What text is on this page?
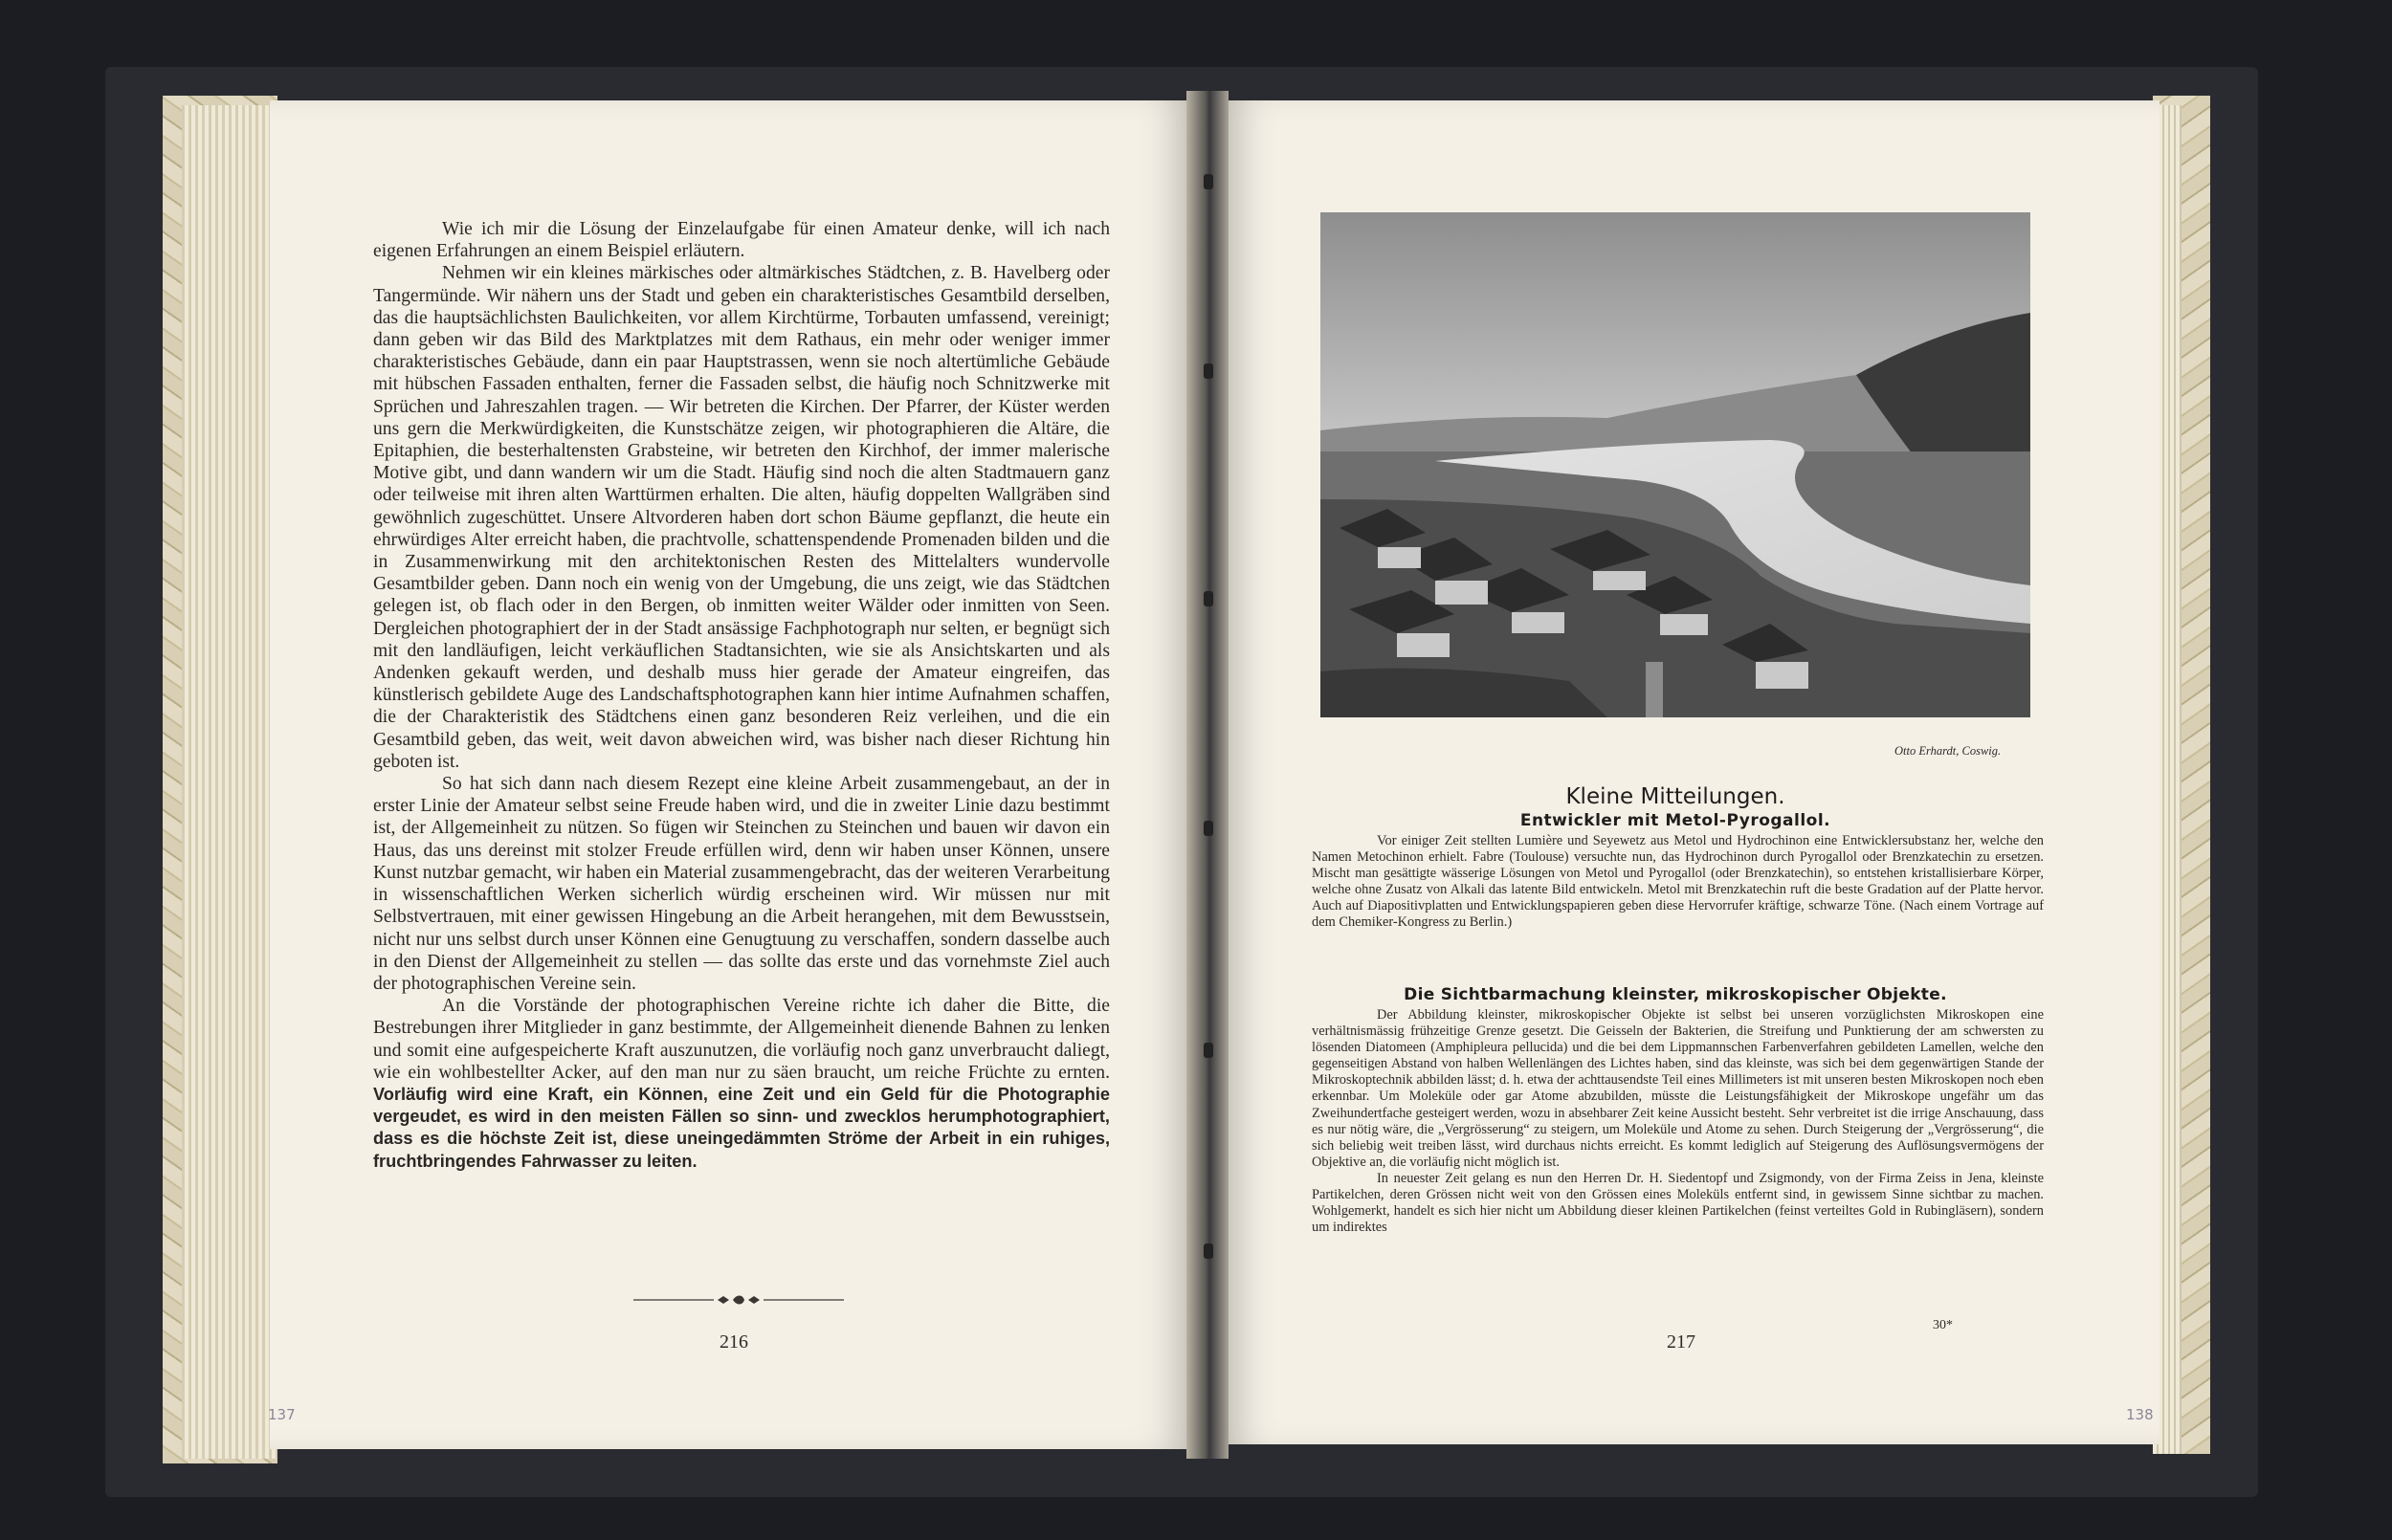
Wie ich mir die Lösung der Einzelaufgabe für einen Amateur denke, will ich nach eigenen Erfahrungen an einem Beispiel erläutern.

Nehmen wir ein kleines märkisches oder altmärkisches Städtchen, z. B. Havelberg oder Tangermünde. Wir nähern uns der Stadt und geben ein charakteristisches Gesamtbild derselben, das die hauptsächlichsten Baulichkeiten, vor allem Kirchtürme, Torbauten umfassend, vereinigt; dann geben wir das Bild des Marktplatzes mit dem Rathaus, ein mehr oder weniger immer charakteristisches Gebäude, dann ein paar Hauptstrassen, wenn sie noch altertümliche Gebäude mit hübschen Fassaden enthalten, ferner die Fassaden selbst, die häufig noch Schnitzwerke mit Sprüchen und Jahreszahlen tragen. — Wir betreten die Kirchen. Der Pfarrer, der Küster werden uns gern die Merkwürdigkeiten, die Kunstschätze zeigen, wir photographieren die Altäre, die Epitaphien, die besterhaltensten Grabsteine, wir betreten den Kirchhof, der immer malerische Motive gibt, und dann wandern wir um die Stadt. Häufig sind noch die alten Stadtmauern ganz oder teilweise mit ihren alten Warttürmen erhalten. Die alten, häufig doppelten Wallgräben sind gewöhnlich zugeschüttet. Unsere Altvorderen haben dort schon Bäume gepflanzt, die heute ein ehrwürdiges Alter erreicht haben, die prachtvolle, schattenspendende Promenaden bilden und die in Zusammenwirkung mit den architektonischen Resten des Mittelalters wundervolle Gesamtbilder geben. Dann noch ein wenig von der Umgebung, die uns zeigt, wie das Städtchen gelegen ist, ob flach oder in den Bergen, ob inmitten weiter Wälder oder inmitten von Seen. Dergleichen photographiert der in der Stadt ansässige Fachphotograph nur selten, er begnügt sich mit den landläufigen, leicht verkäuflichen Stadtansichten, wie sie als Ansichtskarten und als Andenken gekauft werden, und deshalb muss hier gerade der Amateur eingreifen, das künstlerisch gebildete Auge des Landschaftsphotographen kann hier intime Aufnahmen schaffen, die der Charakteristik des Städtchens einen ganz besonderen Reiz verleihen, und die ein Gesamtbild geben, das weit, weit davon abweichen wird, was bisher nach dieser Richtung hin geboten ist.

So hat sich dann nach diesem Rezept eine kleine Arbeit zusammengebaut, an der in erster Linie der Amateur selbst seine Freude haben wird, und die in zweiter Linie dazu bestimmt ist, der Allgemeinheit zu nützen. So fügen wir Steinchen zu Steinchen und bauen wir davon ein Haus, das uns dereinst mit stolzer Freude erfüllen wird, denn wir haben unser Können, unsere Kunst nutzbar gemacht, wir haben ein Material zusammengebracht, das der weiteren Verarbeitung in wissenschaftlichen Werken sicherlich würdig erscheinen wird. Wir müssen nur mit Selbstvertrauen, mit einer gewissen Hingebung an die Arbeit herangehen, mit dem Bewusstsein, nicht nur uns selbst durch unser Können eine Genugtuung zu verschaffen, sondern dasselbe auch in den Dienst der Allgemeinheit zu stellen — das sollte das erste und das vornehmste Ziel auch der photographischen Vereine sein.

An die Vorstände der photographischen Vereine richte ich daher die Bitte, die Bestrebungen ihrer Mitglieder in ganz bestimmte, der Allgemeinheit dienende Bahnen zu lenken und somit eine aufgespeicherte Kraft auszunutzen, die vorläufig noch ganz unverbraucht daliegt, wie ein wohlbestellter Acker, auf den man nur zu säen braucht, um reiche Früchte zu ernten. Vorläufig wird eine Kraft, ein Können, eine Zeit und ein Geld für die Photographie vergeudet, es wird in den meisten Fällen so sinn- und zwecklos herumphotographiert, dass es die höchste Zeit ist, diese uneingedämmten Ströme der Arbeit in ein ruhiges, fruchtbringendes Fahrwasser zu leiten.

216
137
Otto Erhardt, Coswig.
Kleine Mitteilungen.
Entwickler mit Metol-Pyrogallol.

Vor einiger Zeit stellten Lumière und Seyewetz aus Metol und Hydrochinon eine Entwicklersubstanz her, welche den Namen Metochinon erhielt. Fabre (Toulouse) versuchte nun, das Hydrochinon durch Pyrogallol oder Brenzkatechin zu ersetzen. Mischt man gesättigte wässerige Lösungen von Metol und Pyrogallol (oder Brenzkatechin), so entstehen kristallisierbare Körper, welche ohne Zusatz von Alkali das latente Bild entwickeln. Metol mit Brenzkatechin ruft die beste Gradation auf der Platte hervor. Auch auf Diapositivplatten und Entwicklungspapieren geben diese Hervorrufer kräftige, schwarze Töne. (Nach einem Vortrage auf dem Chemiker-Kongress zu Berlin.)

Die Sichtbarmachung kleinster, mikroskopischer Objekte.

Der Abbildung kleinster, mikroskopischer Objekte ist selbst bei unseren vorzüglichsten Mikroskopen eine verhältnismässig frühzeitige Grenze gesetzt. Die Geisseln der Bakterien, die Streifung und Punktierung der am schwersten zu lösenden Diatomeen (Amphipleura pellucida) und die bei dem Lippmannschen Farbenverfahren gebildeten Lamellen, welche den gegenseitigen Abstand von halben Wellenlängen des Lichtes haben, sind das kleinste, was sich bei dem gegenwärtigen Stande der Mikroskoptechnik abbilden lässt; d. h. etwa der achttausendste Teil eines Millimeters ist mit unseren besten Mikroskopen noch eben erkennbar. Um Moleküle oder gar Atome abzubilden, müsste die Leistungsfähigkeit der Mikroskope ungefähr um das Zweihundertfache gesteigert werden, wozu in absehbarer Zeit keine Aussicht besteht. Sehr verbreitet ist die irrige Anschauung, dass es nur nötig wäre, die „Vergrösserung“ zu steigern, um Moleküle und Atome zu sehen. Durch Steigerung der „Vergrösserung“, die sich beliebig weit treiben lässt, wird durchaus nichts erreicht. Es kommt lediglich auf Steigerung des Auflösungsvermögens der Objektive an, die vorläufig nicht möglich ist.

In neuester Zeit gelang es nun den Herren Dr. H. Siedentopf und Zsigmondy, von der Firma Zeiss in Jena, kleinste Partikelchen, deren Grössen nicht weit von den Grössen eines Moleküls entfernt sind, in gewissem Sinne sichtbar zu machen. Wohlgemerkt, handelt es sich hier nicht um Abbildung dieser kleinen Partikelchen (feinst verteiltes Gold in Rubingläsern), sondern um indirektes

30*
217
138
